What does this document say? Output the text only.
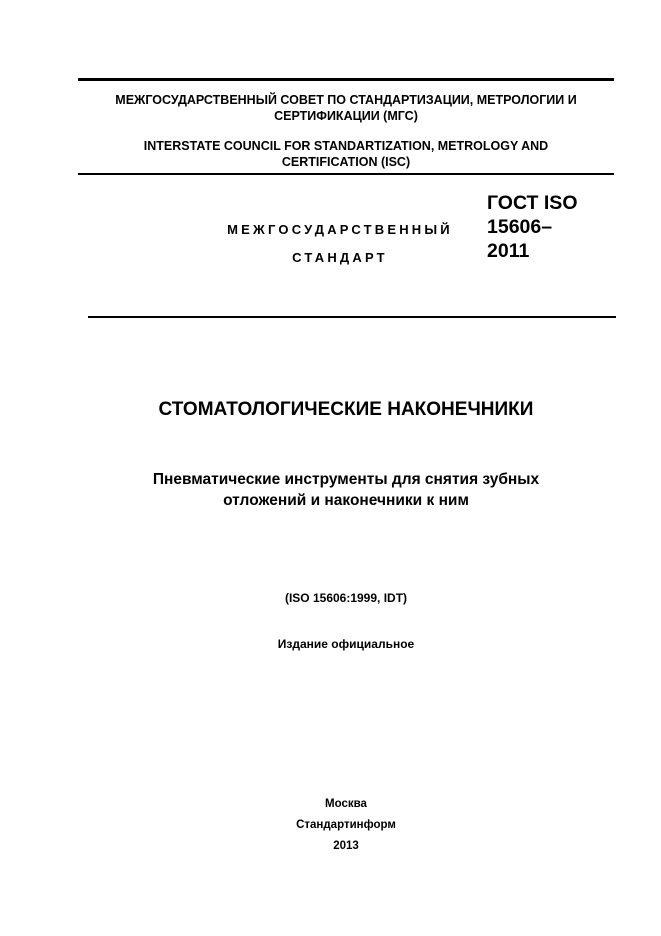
МЕЖГОСУДАРСТВЕННЫЙ СОВЕТ ПО СТАНДАРТИЗАЦИИ, МЕТРОЛОГИИ И
СЕРТИФИКАЦИИ (МГС)
INTERSTATE COUNCIL FOR STANDARTIZATION, METROLOGY AND
CERTIFICATION (ISC)
МЕЖГОСУДАРСТВЕННЫЙ
СТАНДАРТ
ГОСТ ISO
15606–
2011
СТОМАТОЛОГИЧЕСКИЕ НАКОНЕЧНИКИ
Пневматические инструменты для снятия зубных
отложений и наконечники к ним
(ISO 15606:1999, IDT)
Издание официальное
Москва
Стандартинформ
2013
